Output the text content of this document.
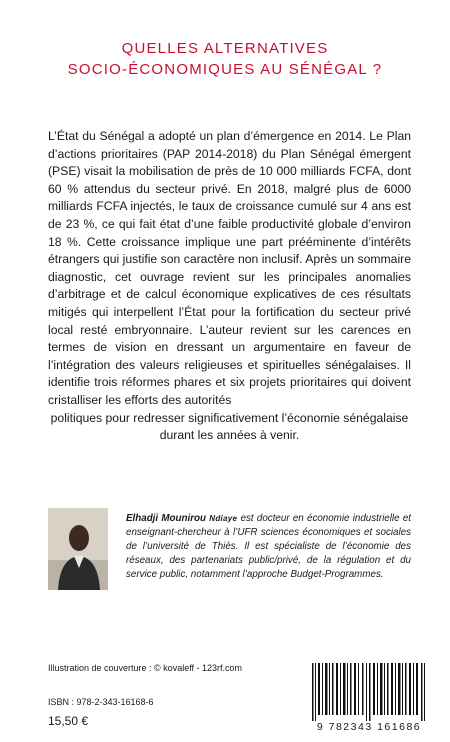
QUELLES ALTERNATIVES
SOCIO-ÉCONOMIQUES AU SÉNÉGAL ?
L’État du Sénégal a adopté un plan d’émergence en 2014. Le Plan d’actions prioritaires (PAP 2014-2018) du Plan Sénégal émergent (PSE) visait la mobilisation de près de 10 000 milliards FCFA, dont 60 % attendus du secteur privé. En 2018, malgré plus de 6000 milliards FCFA injectés, le taux de croissance cumulé sur 4 ans est de 23 %, ce qui fait état d’une faible productivité globale d’environ 18 %. Cette croissance implique une part prééminente d’intérêts étrangers qui justifie son caractère non inclusif. Après un sommaire diagnostic, cet ouvrage revient sur les principales anomalies d’arbitrage et de calcul économique explicatives de ces résultats mitigés qui interpellent l’État pour la fortification du secteur privé local resté embryonnaire. L’auteur revient sur les carences en termes de vision en dressant un argumentaire en faveur de l’intégration des valeurs religieuses et spirituelles sénégalaises. Il identifie trois réformes phares et six projets prioritaires qui doivent cristalliser les efforts des autorités
politiques pour redresser significativement l’économie sénégalaise durant les années à venir.
Elhadji Mounirou Ndiaye est docteur en économie industrielle et enseignant-chercheur à l’UFR sciences économiques et sociales de l’université de Thiès. Il est spécialiste de l’économie des réseaux, des partenariats public/privé, de la régulation et du service public, notamment l’approche Budget-Programmes.
Illustration de couverture : © kovaleff - 123rf.com
ISBN : 978-2-343-16168-6
15,50 €	9 782343 161686
